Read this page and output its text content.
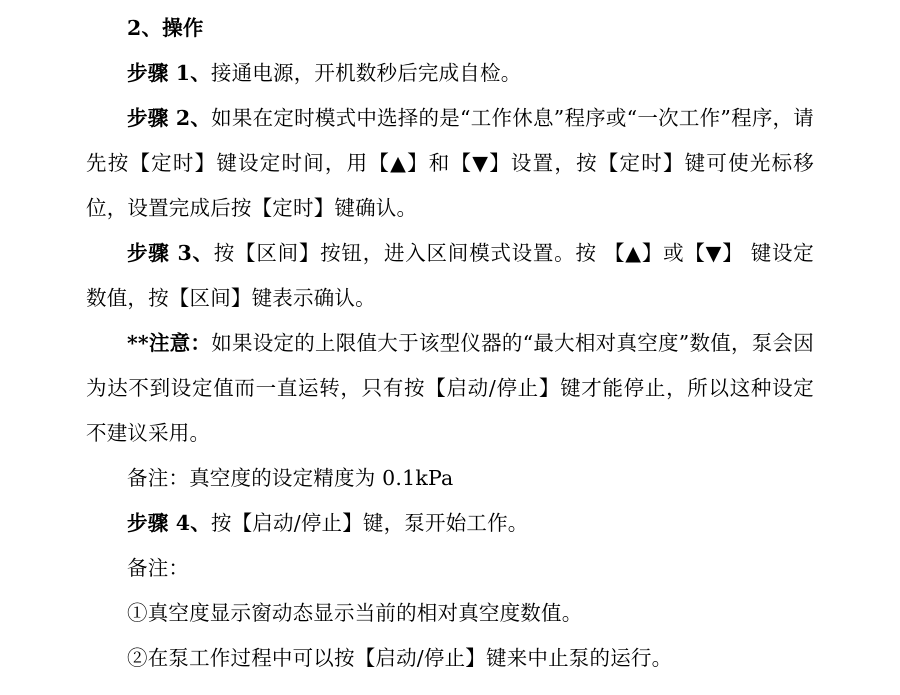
2、操作

步骤 1、接通电源，开机数秒后完成自检。

步骤 2、如果在定时模式中选择的是“工作休息”程序或“一次工作”程序，请先按【定时】键设定时间，用【▲】和【▼】设置，按【定时】键可使光标移位，设置完成后按【定时】键确认。

步骤 3、按【区间】按钮，进入区间模式设置。按 【▲】或【▼】 键设定数值，按【区间】键表示确认。

**注意：如果设定的上限值大于该型仪器的“最大相对真空度”数值，泵会因为达不到设定值而一直运转，只有按【启动/停止】键才能停止，所以这种设定不建议采用。

备注：真空度的设定精度为 0.1kPa

步骤 4、按【启动/停止】键，泵开始工作。

备注：

①真空度显示窗动态显示当前的相对真空度数值。

②在泵工作过程中可以按【启动/停止】键来中止泵的运行。
